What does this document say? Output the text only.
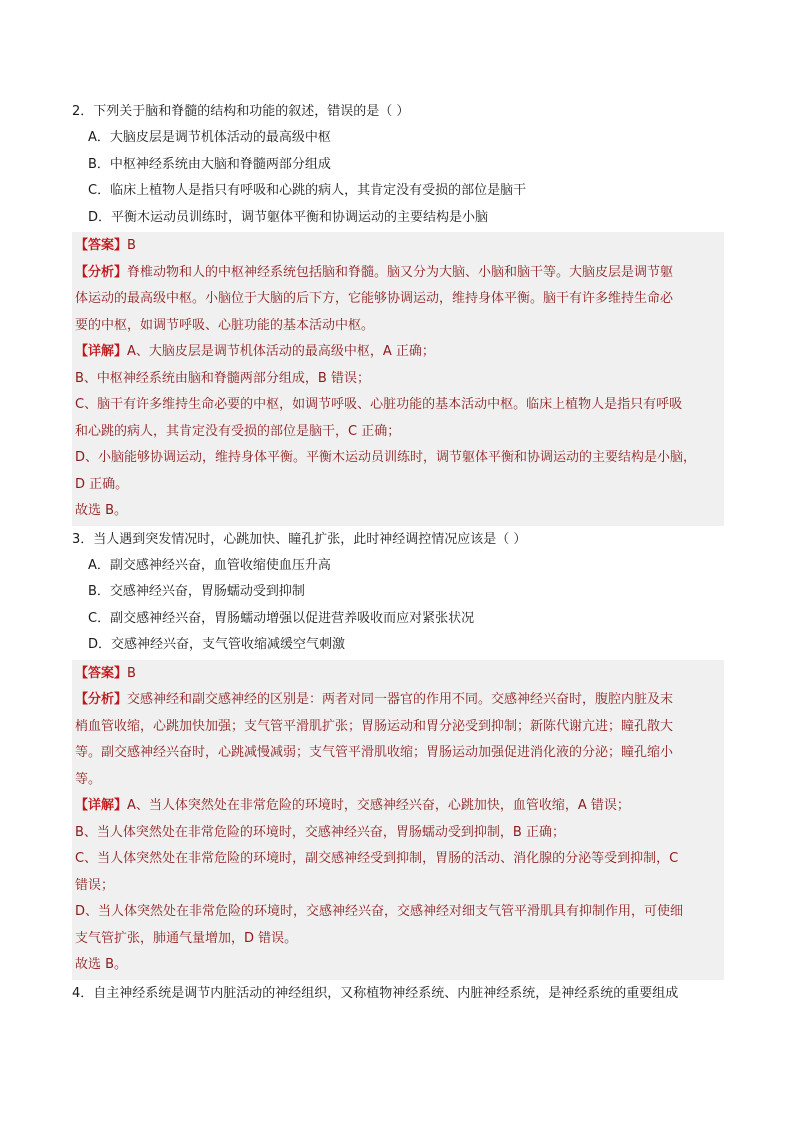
2．下列关于脑和脊髓的结构和功能的叙述，错误的是（ ）
A．大脑皮层是调节机体活动的最高级中枢
B．中枢神经系统由大脑和脊髓两部分组成
C．临床上植物人是指只有呼吸和心跳的病人，其肯定没有受损的部位是脑干
D．平衡木运动员训练时，调节躯体平衡和协调运动的主要结构是小脑
【答案】B
【分析】脊椎动物和人的中枢神经系统包括脑和脊髓。脑又分为大脑、小脑和脑干等。大脑皮层是调节躯
体运动的最高级中枢。小脑位于大脑的后下方，它能够协调运动，维持身体平衡。脑干有许多维持生命必
要的中枢，如调节呼吸、心脏功能的基本活动中枢。
【详解】A、大脑皮层是调节机体活动的最高级中枢，A 正确；
B、中枢神经系统由脑和脊髓两部分组成，B 错误；
C、脑干有许多维持生命必要的中枢，如调节呼吸、心脏功能的基本活动中枢。临床上植物人是指只有呼吸
和心跳的病人，其肯定没有受损的部位是脑干，C 正确；
D、小脑能够协调运动，维持身体平衡。平衡木运动员训练时，调节躯体平衡和协调运动的主要结构是小脑，
D 正确。
故选 B。
3．当人遇到突发情况时，心跳加快、瞳孔扩张，此时神经调控情况应该是（ ）
A．副交感神经兴奋，血管收缩使血压升高
B．交感神经兴奋，胃肠蠕动受到抑制
C．副交感神经兴奋，胃肠蠕动增强以促进营养吸收而应对紧张状况
D．交感神经兴奋，支气管收缩减缓空气刺激
【答案】B
【分析】交感神经和副交感神经的区别是：两者对同一器官的作用不同。交感神经兴奋时，腹腔内脏及末
梢血管收缩，心跳加快加强；支气管平滑肌扩张；胃肠运动和胃分泌受到抑制；新陈代谢亢进；瞳孔散大
等。副交感神经兴奋时，心跳减慢减弱；支气管平滑肌收缩；胃肠运动加强促进消化液的分泌；瞳孔缩小
等。
【详解】A、当人体突然处在非常危险的环境时，交感神经兴奋，心跳加快，血管收缩，A 错误；
B、当人体突然处在非常危险的环境时，交感神经兴奋，胃肠蠕动受到抑制，B 正确；
C、当人体突然处在非常危险的环境时，副交感神经受到抑制，胃肠的活动、消化腺的分泌等受到抑制，C
错误；
D、当人体突然处在非常危险的环境时，交感神经兴奋，交感神经对细支气管平滑肌具有抑制作用，可使细
支气管扩张，肺通气量增加，D 错误。
故选 B。
4．自主神经系统是调节内脏活动的神经组织，又称植物神经系统、内脏神经系统，是神经系统的重要组成
